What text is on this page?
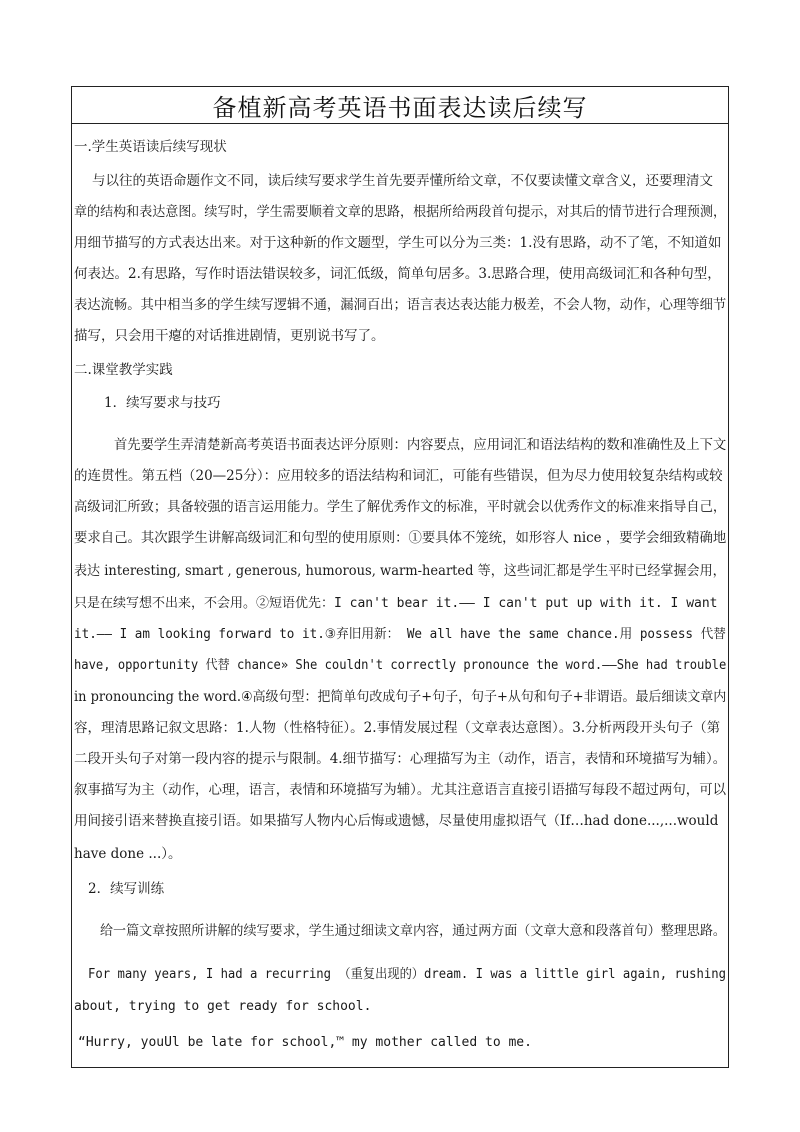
备植新高考英语书面表达读后续写
一.学生英语读后续写现状
与以往的英语命题作文不同，读后续写要求学生首先要弄懂所给文章，不仅要读懂文章含义，还要理清文
章的结构和表达意图。续写时，学生需要顺着文章的思路，根据所给两段首句提示，对其后的情节进行合理预测，
用细节描写的方式表达出来。对于这种新的作文题型，学生可以分为三类：1.没有思路，动不了笔，不知道如
何表达。2.有思路，写作时语法错误较多，词汇低级，简单句居多。3.思路合理，使用高级词汇和各种句型，
表达流畅。其中相当多的学生续写逻辑不通，漏洞百出；语言表达表达能力极差，不会人物，动作，心理等细节
描写，只会用干瘪的对话推进剧情，更别说书写了。
二.课堂教学实践
1．续写要求与技巧
首先要学生弄清楚新高考英语书面表达评分原则：内容要点，应用词汇和语法结构的数和准确性及上下文
的连贯性。第五档（20—25分）：应用较多的语法结构和词汇，可能有些错误，但为尽力使用较复杂结构或较
高级词汇所致；具备较强的语言运用能力。学生了解优秀作文的标准，平时就会以优秀作文的标准来指导自己，
要求自己。其次跟学生讲解高级词汇和句型的使用原则：①要具体不笼统，如形容人 nice ，要学会细致精确地
表达 interesting, smart , generous, humorous, warm-hearted 等，这些词汇都是学生平时已经掌握会用，
只是在续写想不出来，不会用。②短语优先：I can't bear it.—— I can't put up with it. I want
it.—— I am looking forward to it.③弃旧用新： We all have the same chance.用 possess 代替
have, opportunity 代替 chance» She couldn't correctly pronounce the word.——She had trouble
in pronouncing the word.④高级句型：把简单句改成句子+句子，句子+从句和句子+非谓语。最后细读文章内
容，理清思路记叙文思路：1.人物（性格特征）。2.事情发展过程（文章表达意图）。3.分析两段开头句子（第
二段开头句子对第一段内容的提示与限制。4.细节描写：心理描写为主（动作，语言，表情和环境描写为辅）。
叙事描写为主（动作，心理，语言，表情和环境描写为辅）。尤其注意语言直接引语描写每段不超过两句，可以
用间接引语来替换直接引语。如果描写人物内心后悔或遗憾，尽量使用虚拟语气（If…had done...,...would
have done ...）。
2．续写训练
给一篇文章按照所讲解的续写要求，学生通过细读文章内容，通过两方面（文章大意和段落首句）整理思路。
For many years, I had a recurring （重复出现的）dream. I was a little girl again, rushing
about, trying to get ready for school.
“Hurry, youUl be late for school,™ my mother called to me.
